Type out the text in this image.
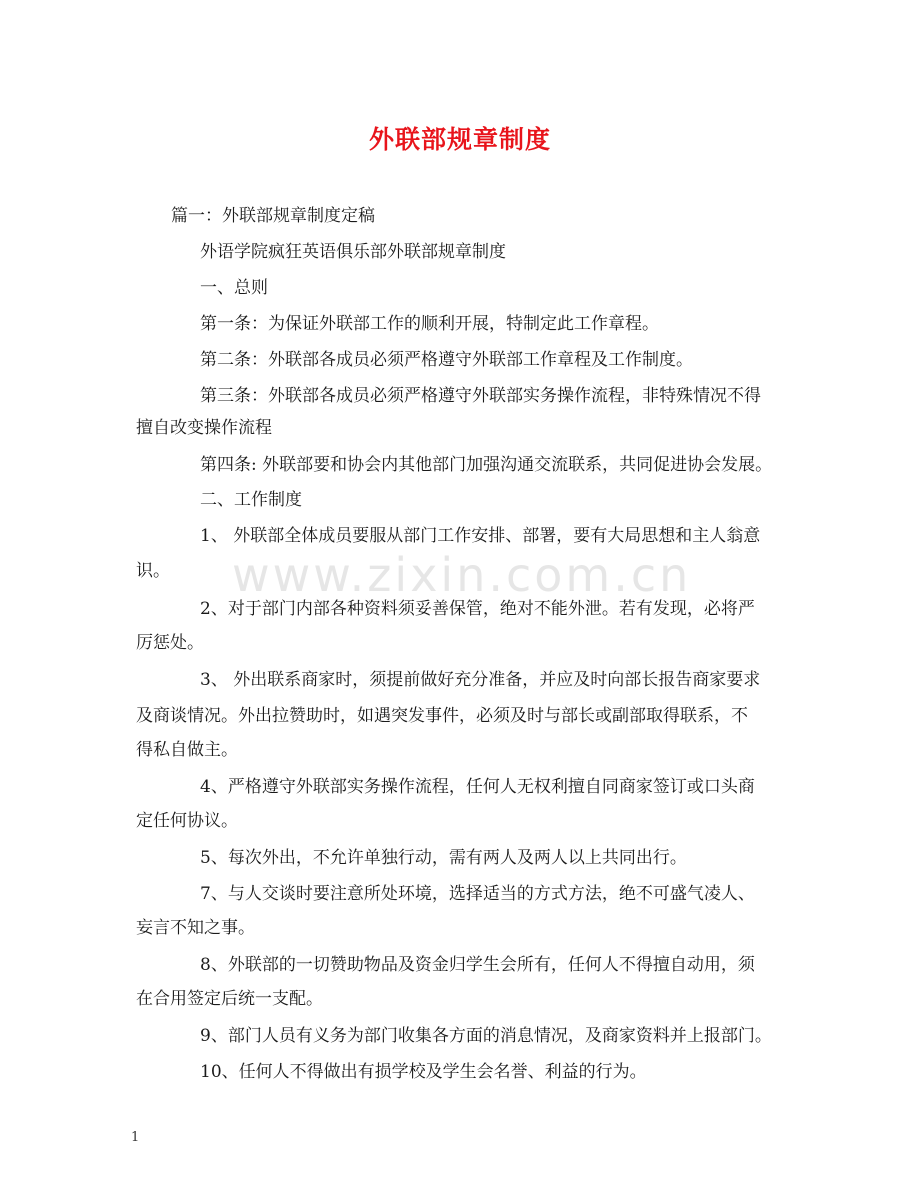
外联部规章制度
篇一：外联部规章制度定稿
外语学院疯狂英语俱乐部外联部规章制度
一、总则
第一条：为保证外联部工作的顺利开展，特制定此工作章程。
第二条：外联部各成员必须严格遵守外联部工作章程及工作制度。
第三条：外联部各成员必须严格遵守外联部实务操作流程，非特殊情况不得
擅自改变操作流程
第四条: 外联部要和协会内其他部门加强沟通交流联系，共同促进协会发展。
二、工作制度
1、 外联部全体成员要服从部门工作安排、部署，要有大局思想和主人翁意
识。
2、对于部门内部各种资料须妥善保管，绝对不能外泄。若有发现，必将严
厉惩处。
3、 外出联系商家时，须提前做好充分准备，并应及时向部长报告商家要求
及商谈情况。外出拉赞助时，如遇突发事件，必须及时与部长或副部取得联系，不
得私自做主。
4、严格遵守外联部实务操作流程，任何人无权利擅自同商家签订或口头商
定任何协议。
5、每次外出，不允许单独行动，需有两人及两人以上共同出行。
7、与人交谈时要注意所处环境，选择适当的方式方法，绝不可盛气凌人、
妄言不知之事。
8、外联部的一切赞助物品及资金归学生会所有，任何人不得擅自动用，须
在合用签定后统一支配。
9、部门人员有义务为部门收集各方面的消息情况，及商家资料并上报部门。
10、任何人不得做出有损学校及学生会名誉、利益的行为。
www.zixin.com.cn
1
